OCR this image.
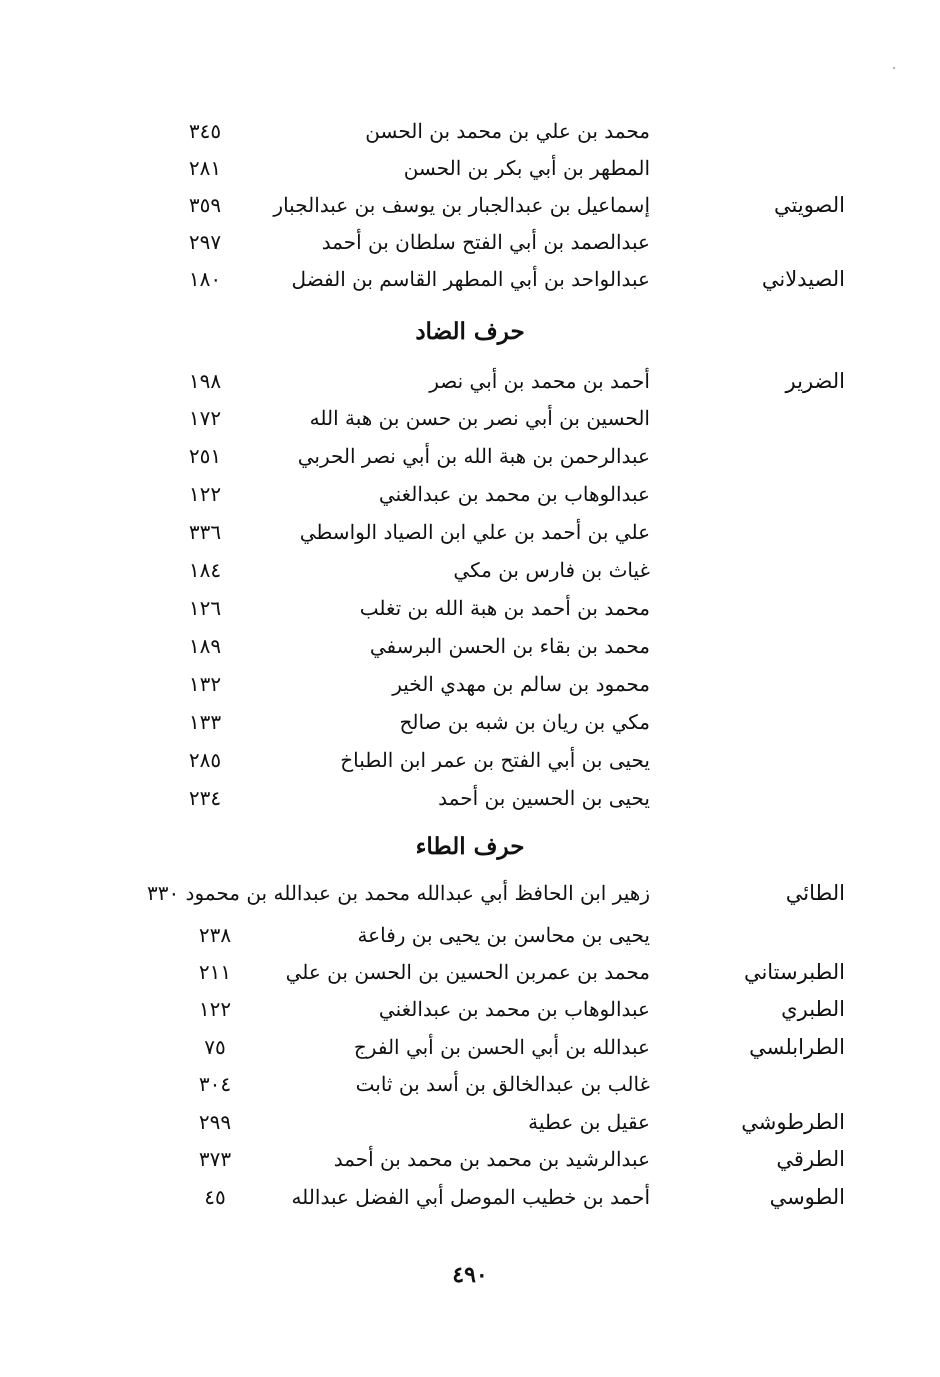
محمد بن علي بن محمد بن الحسن
٣٤٥
المطهر بن أبي بكر بن الحسن
٢٨١
الصويتي
إسماعيل بن عبدالجبار بن يوسف بن عبدالجبار
٣٥٩
عبدالصمد بن أبي الفتح سلطان بن أحمد
٢٩٧
الصيدلاني
عبدالواحد بن أبي المطهر القاسم بن الفضل
١٨٠
حرف الضاد
الضرير
أحمد بن محمد بن أبي نصر
١٩٨
الحسين بن أبي نصر بن حسن بن هبة الله
١٧٢
عبدالرحمن بن هبة الله بن أبي نصر الحربي
٢٥١
عبدالوهاب بن محمد بن عبدالغني
١٢٢
علي بن أحمد بن علي ابن الصياد الواسطي
٣٣٦
غياث بن فارس بن مكي
١٨٤
محمد بن أحمد بن هبة الله بن تغلب
١٢٦
محمد بن بقاء بن الحسن البرسفي
١٨٩
محمود بن سالم بن مهدي الخير
١٣٢
مكي بن ريان بن شبه بن صالح
١٣٣
يحيى بن أبي الفتح بن عمر ابن الطباخ
٢٨٥
يحيى بن الحسين بن أحمد
٢٣٤
حرف الطاء
الطائي
زهير ابن الحافظ أبي عبدالله محمد بن عبدالله بن محمود ٣٣٠
يحيى بن محاسن بن يحيى بن رفاعة
٢٣٨
الطبرستاني
محمد بن عمربن الحسين بن الحسن بن علي
٢١١
الطبري
عبدالوهاب بن محمد بن عبدالغني
١٢٢
الطرابلسي
عبدالله بن أبي الحسن بن أبي الفرج
٧٥
غالب بن عبدالخالق بن أسد بن ثابت
٣٠٤
الطرطوشي
عقيل بن عطية
٢٩٩
الطرقي
عبدالرشيد بن محمد بن محمد بن أحمد
٣٧٣
الطوسي
أحمد بن خطيب الموصل أبي الفضل عبدالله
٤٥
٤٩٠
